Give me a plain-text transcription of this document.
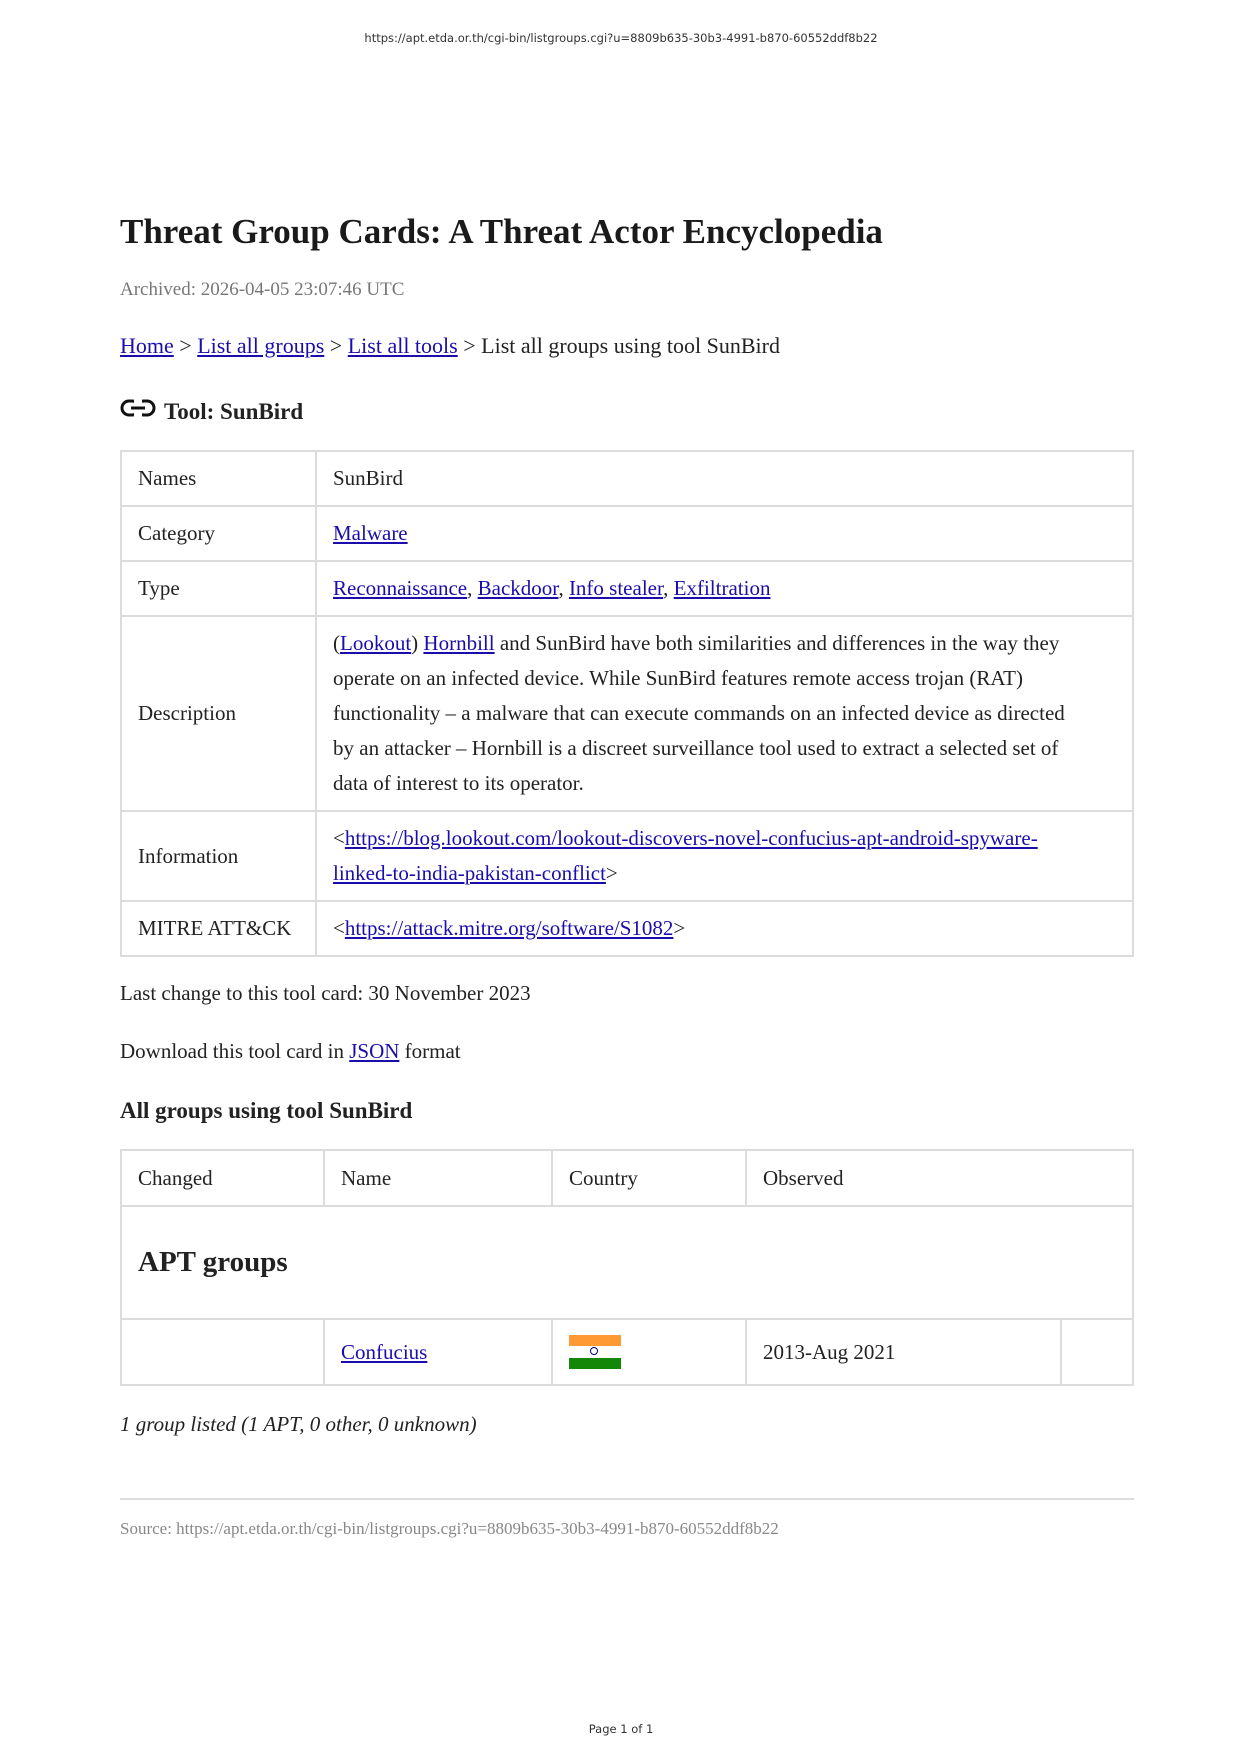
https://apt.etda.or.th/cgi-bin/listgroups.cgi?u=8809b635-30b3-4991-b870-60552ddf8b22
Threat Group Cards: A Threat Actor Encyclopedia
Archived: 2026-04-05 23:07:46 UTC
Home > List all groups > List all tools > List all groups using tool SunBird
Tool: SunBird
Names	SunBird
Category	Malware
Type	Reconnaissance, Backdoor, Info stealer, Exfiltration
Description	(Lookout) Hornbill and SunBird have both similarities and differences in the way they
operate on an infected device. While SunBird features remote access trojan (RAT)
functionality – a malware that can execute commands on an infected device as directed
by an attacker – Hornbill is a discreet surveillance tool used to extract a selected set of
data of interest to its operator.

Information	<https://blog.lookout.com/lookout-discovers-novel-confucius-apt-android-spyware-
linked-to-india-pakistan-conflict>

MITRE ATT&CK	<https://attack.mitre.org/software/S1082>
Last change to this tool card: 30 November 2023
Download this tool card in JSON format
All groups using tool SunBird
Changed	Name	Country	Observed	
APT groups				
	Confucius		2013-Aug 2021	
1 group listed (1 APT, 0 other, 0 unknown)
Source: https://apt.etda.or.th/cgi-bin/listgroups.cgi?u=8809b635-30b3-4991-b870-60552ddf8b22
Page 1 of 1
